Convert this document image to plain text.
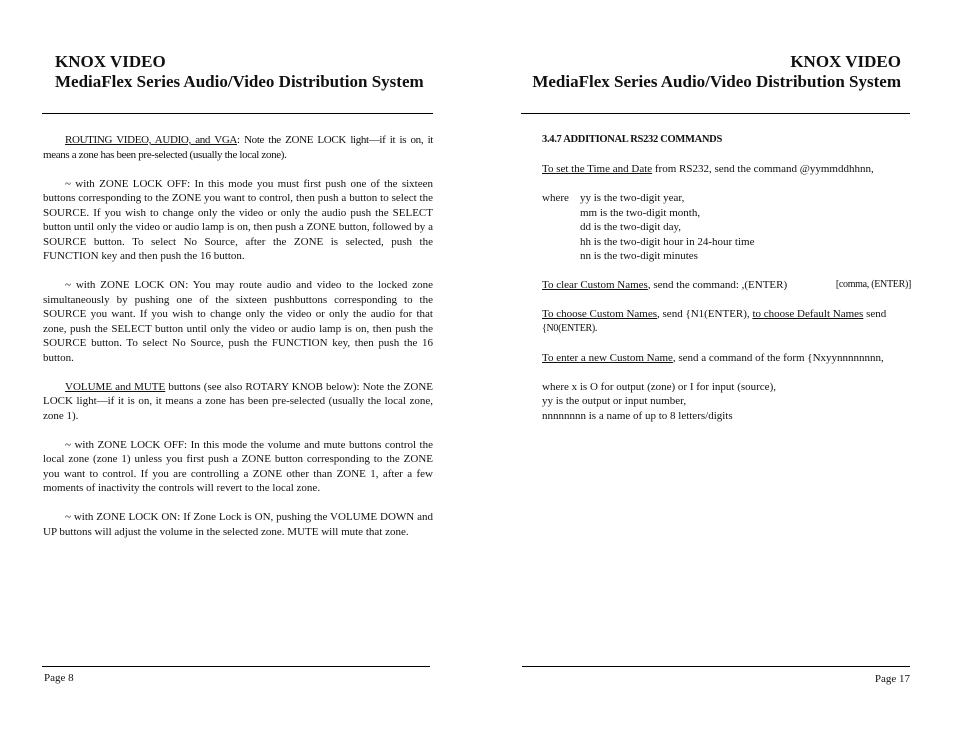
KNOX VIDEO
MediaFlex Series Audio/Video Distribution System

ROUTING VIDEO, AUDIO, and VGA: Note the ZONE LOCK light—if it is on, it means a zone has been pre-selected (usually the local zone).

~ with ZONE LOCK OFF: In this mode you must first push one of the sixteen buttons corresponding to the ZONE you want to control, then push a button to select the SOURCE. If you wish to change only the video or only the audio push the SELECT button until only the video or audio lamp is on, then push a ZONE button, followed by a SOURCE button. To select No Source, after the ZONE is selected, push the FUNCTION key and then push the 16 button.

~ with ZONE LOCK ON: You may route audio and video to the locked zone simultaneously by pushing one of the sixteen pushbuttons corresponding to the SOURCE you want. If you wish to change only the video or only the audio for that zone, push the SELECT button until only the video or audio lamp is on, then push the SOURCE button. To select No Source, push the FUNCTION key, then push the 16 button.

VOLUME and MUTE buttons (see also ROTARY KNOB below): Note the ZONE LOCK light—if it is on, it means a zone has been pre-selected (usually the local zone, zone 1).

~ with ZONE LOCK OFF: In this mode the volume and mute buttons control the local zone (zone 1) unless you first push a ZONE button corresponding to the ZONE you want to control. If you are controlling a ZONE other than ZONE 1, after a few moments of inactivity the controls will revert to the local zone.

~ with ZONE LOCK ON: If Zone Lock is ON, pushing the VOLUME DOWN and UP buttons will adjust the volume in the selected zone. MUTE will mute that zone.

Page 8
KNOX VIDEO
MediaFlex Series Audio/Video Distribution System
3.4.7 ADDITIONAL RS232 COMMANDS
To set the Time and Date from RS232, send the command @yymmddhhnn,
where	yy is the two-digit year,
mm is the two-digit month,
dd is the two-digit day,
hh is the two-digit hour in 24-hour time
nn is the two-digit minutes
To clear Custom Names, send the command: ,(ENTER)	[comma, (ENTER)]
To choose Custom Names, send {N1(ENTER), to choose Default Names send
{N0(ENTER).
To enter a new Custom Name, send a command of the form {Nxyynnnnnnnn,
where x is O for output (zone) or I for input (source),
yy is the output or input number,
nnnnnnnn is a name of up to 8 letters/digits
Page 17
